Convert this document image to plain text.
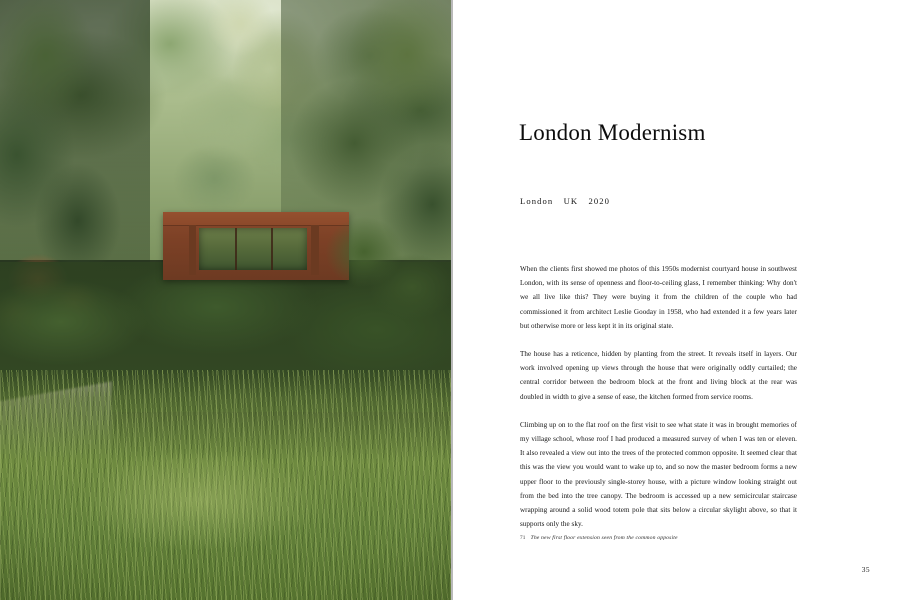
London Modernism
London UK 2020

When the clients first showed me photos of this 1950s modernist courtyard house in southwest London, with its sense of openness and floor-to-ceiling glass, I remember thinking: Why don't we all live like this? They were buying it from the children of the couple who had commissioned it from architect Leslie Gooday in 1958, who had extended it a few years later but otherwise more or less kept it in its original state.

The house has a reticence, hidden by planting from the street. It reveals itself in layers. Our work involved opening up views through the house that were originally oddly curtailed; the central corridor between the bedroom block at the front and living block at the rear was doubled in width to give a sense of ease, the kitchen formed from service rooms.

Climbing up on to the flat roof on the first visit to see what state it was in brought memories of my village school, whose roof I had produced a measured survey of when I was ten or eleven. It also revealed a view out into the trees of the protected common opposite. It seemed clear that this was the view you would want to wake up to, and so now the master bedroom forms a new upper floor to the previously single-storey house, with a picture window looking straight out from the bed into the tree canopy. The bedroom is accessed up a new semicircular staircase wrapping around a solid wood totem pole that sits below a circular skylight above, so that it supports only the sky.

71 The new first floor extension seen from the common opposite
35
